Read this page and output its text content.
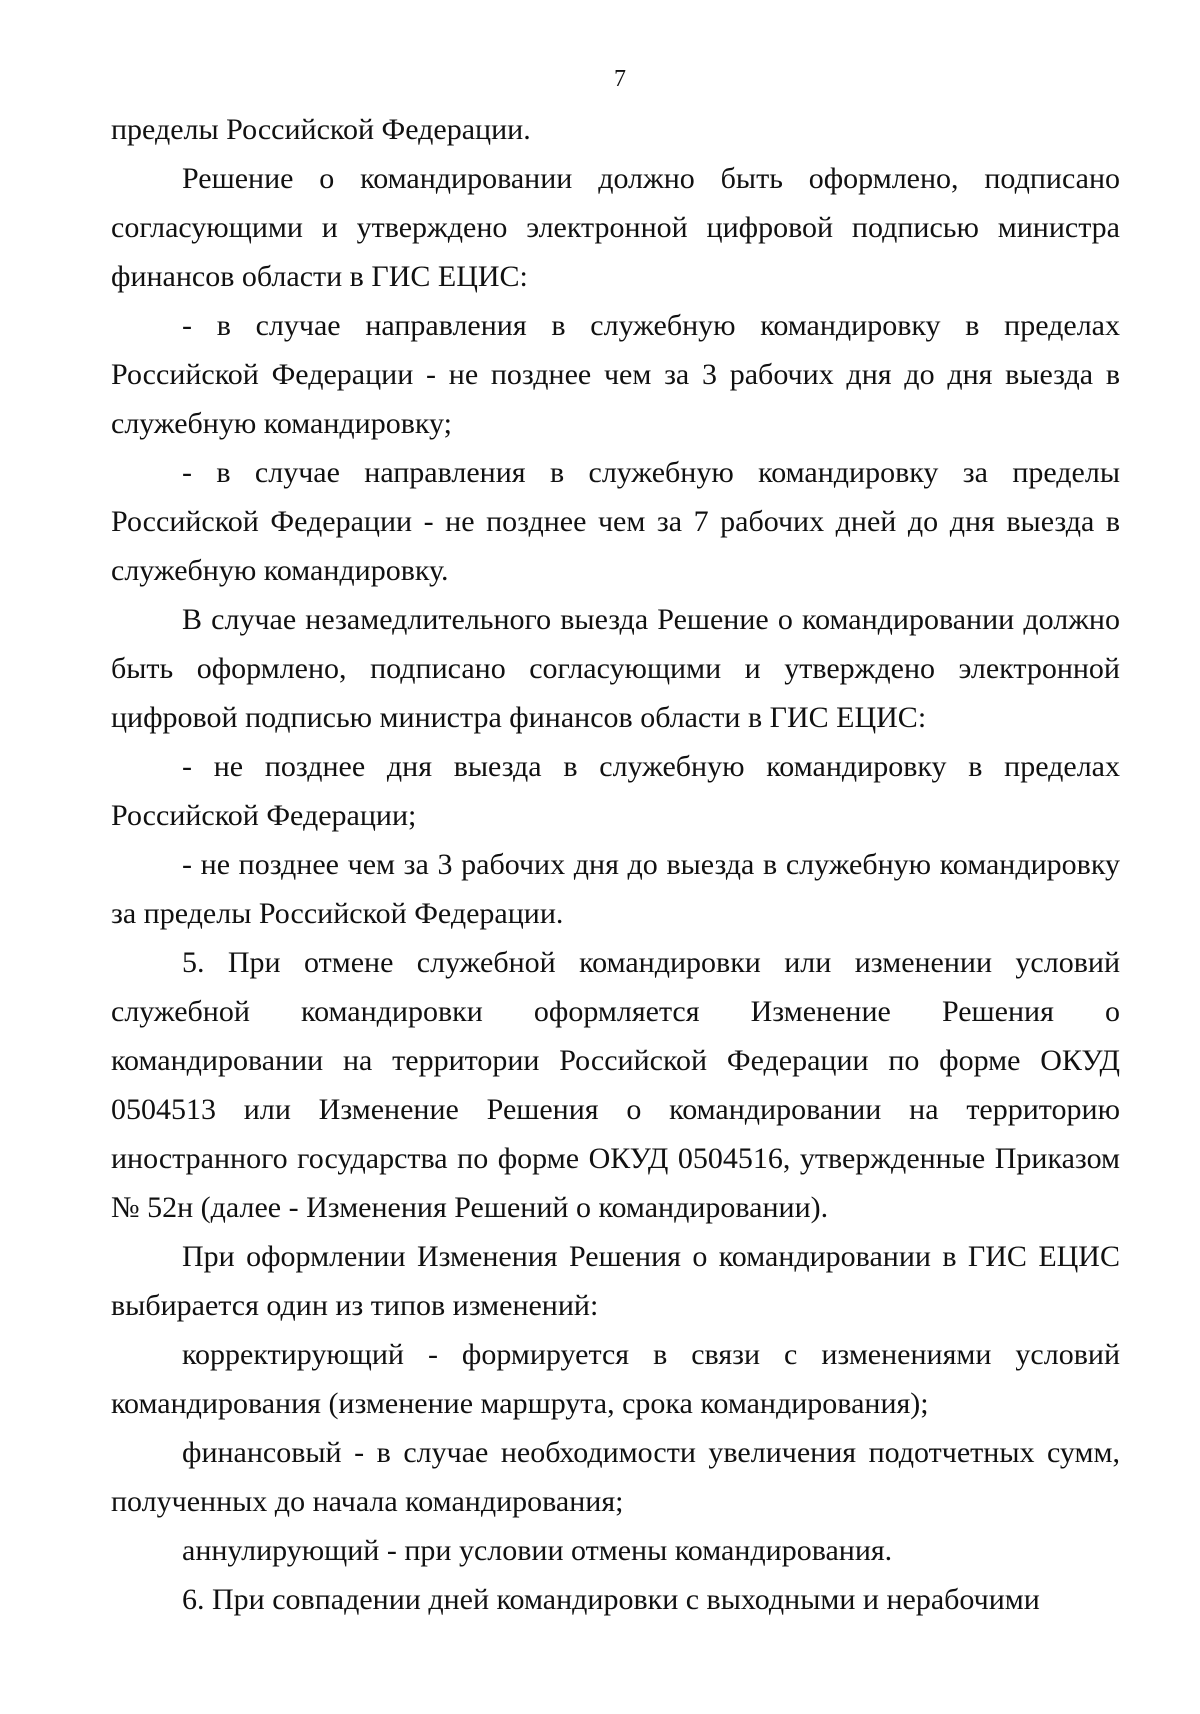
7

пределы Российской Федерации.

Решение о командировании должно быть оформлено, подписано согласующими и утверждено электронной цифровой подписью министра финансов области в ГИС ЕЦИС:

- в случае направления в служебную командировку в пределах Российской Федерации - не позднее чем за 3 рабочих дня до дня выезда в служебную командировку;

- в случае направления в служебную командировку за пределы Российской Федерации - не позднее чем за 7 рабочих дней до дня выезда в служебную командировку.

В случае незамедлительного выезда Решение о командировании должно быть оформлено, подписано согласующими и утверждено электронной цифровой подписью министра финансов области в ГИС ЕЦИС:

- не позднее дня выезда в служебную командировку в пределах Российской Федерации;

- не позднее чем за 3 рабочих дня до выезда в служебную командировку за пределы Российской Федерации.

5. При отмене служебной командировки или изменении условий служебной командировки оформляется Изменение Решения о командировании на территории Российской Федерации по форме ОКУД 0504513 или Изменение Решения о командировании на территорию иностранного государства по форме ОКУД 0504516, утвержденные Приказом № 52н (далее - Изменения Решений о командировании).

При оформлении Изменения Решения о командировании в ГИС ЕЦИС выбирается один из типов изменений:

корректирующий - формируется в связи с изменениями условий командирования (изменение маршрута, срока командирования);

финансовый - в случае необходимости увеличения подотчетных сумм, полученных до начала командирования;

аннулирующий - при условии отмены командирования.

6. При совпадении дней командировки с выходными и нерабочими
